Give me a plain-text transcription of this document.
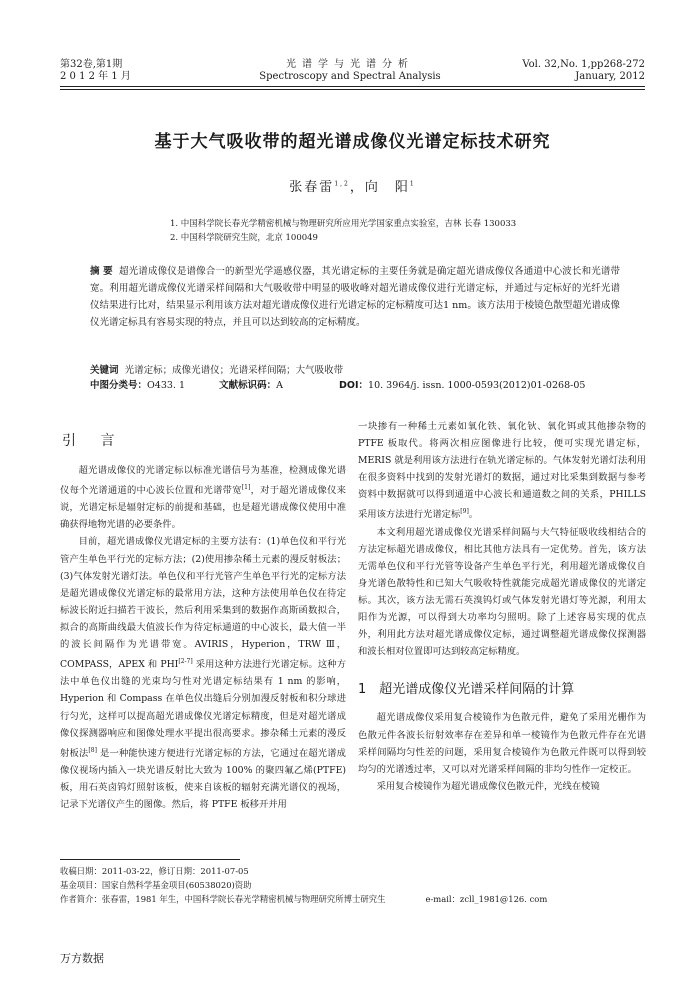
第32卷,第1期
2 0 1 2 年 1 月
光谱学与光谱分析
Spectroscopy and Spectral Analysis
Vol. 32,No. 1,pp268-272
January, 2012
基于大气吸收带的超光谱成像仪光谱定标技术研究
张春雷$^{1,2}$，向　阳$^1$
1. 中国科学院长春光学精密机械与物理研究所应用光学国家重点实验室，吉林 长春 130033
2. 中国科学院研究生院，北京 100049
摘 要 超光谱成像仪是谱像合一的新型光学遥感仪器，其光谱定标的主要任务就是确定超光谱成像仪各通道中心波长和光谱带宽。利用超光谱成像仪光谱采样间隔和大气吸收带中明显的吸收峰对超光谱成像仪进行光谱定标，并通过与定标好的光纤光谱仪结果进行比对，结果显示利用该方法对超光谱成像仪进行光谱定标的定标精度可达1 nm。该方法用于棱镜色散型超光谱成像仪光谱定标具有容易实现的特点，并且可以达到较高的定标精度。
关键词 光谱定标；成像光谱仪；光谱采样间隔；大气吸收带
中图分类号：O433. 1	文献标识码：A	DOI：10. 3964/j. issn. 1000-0593(2012)01-0268-05
引 言

超光谱成像仪的光谱定标以标准光谱信号为基准，检测成像光谱仪每个光谱通道的中心波长位置和光谱带宽[1]，对于超光谱成像仪来说，光谱定标是辐射定标的前提和基础，也是超光谱成像仪使用中准确获得地物光谱的必要条件。

目前，超光谱成像仪光谱定标的主要方法有：(1)单色仪和平行光管产生单色平行光的定标方法；(2)使用掺杂稀土元素的漫反射板法；(3)气体发射光谱灯法。单色仪和平行光管产生单色平行光的定标方法是超光谱成像仪光谱定标的最常用方法，这种方法使用单色仪在待定标波长附近扫描若干波长，然后利用采集到的数据作高斯函数拟合，拟合的高斯曲线最大值波长作为待定标通道的中心波长，最大值一半的波长间隔作为光谱带宽。AVIRIS，Hyperion，TRW Ⅲ，COMPASS，APEX 和 PHI[2-7] 采用这种方法进行光谱定标。这种方法中单色仪出缝的光束均匀性对光谱定标结果有 1 nm 的影响，Hyperion 和 Compass 在单色仪出缝后分别加漫反射板和积分球进行匀光，这样可以提高超光谱成像仪光谱定标精度，但是对超光谱成像仪探测器响应和图像处理水平提出很高要求。掺杂稀土元素的漫反射板法[8] 是一种能快速方便进行光谱定标的方法，它通过在超光谱成像仪视场内插入一块光谱反射比大致为 100% 的聚四氟乙烯(PTFE)板，用石英卤钨灯照射该板，使来自该板的辐射充满光谱仪的视场，记录下光谱仪产生的图像。然后，将 PTFE 板移开并用

一块掺有一种稀土元素如氧化铁、氧化钬、氧化铒或其他掺杂物的 PTFE 板取代。将两次相应图像进行比较，便可实现光谱定标，MERIS 就是利用该方法进行在轨光谱定标的。气体发射光谱灯法利用在很多资料中找到的发射光谱灯的数据，通过对比采集到数据与参考资料中数据就可以得到通道中心波长和通道数之间的关系，PHILLS 采用该方法进行光谱定标[9]。

本文利用超光谱成像仪光谱采样间隔与大气特征吸收线相结合的方法定标超光谱成像仪，相比其他方法具有一定优势。首先，该方法无需单色仪和平行光管等设备产生单色平行光，利用超光谱成像仪自身光谱色散特性和已知大气吸收特性就能完成超光谱成像仪的光谱定标。其次，该方法无需石英溴钨灯或气体发射光谱灯等光源，利用太阳作为光源，可以得到大功率均匀照明。除了上述容易实现的优点外，利用此方法对超光谱成像仪定标，通过调整超光谱成像仪探测器和波长相对位置即可达到较高定标精度。

1　超光谱成像仪光谱采样间隔的计算

超光谱成像仪采用复合棱镜作为色散元件，避免了采用光栅作为色散元件各波长衍射效率存在差异和单一棱镜作为色散元件存在光谱采样间隔均匀性差的问题，采用复合棱镜作为色散元件既可以得到较均匀的光谱透过率，又可以对光谱采样间隔的非均匀性作一定校正。

采用复合棱镜作为超光谱成像仪色散元件，光线在棱镜

收稿日期：2011-03-22，修订日期：2011-07-05
基金项目：国家自然科学基金项目(60538020)资助
作者简介：张春雷，1981 年生，中国科学院长春光学精密机械与物理研究所博士研究生	e-mail：zcll_1981@126. com
万方数据
